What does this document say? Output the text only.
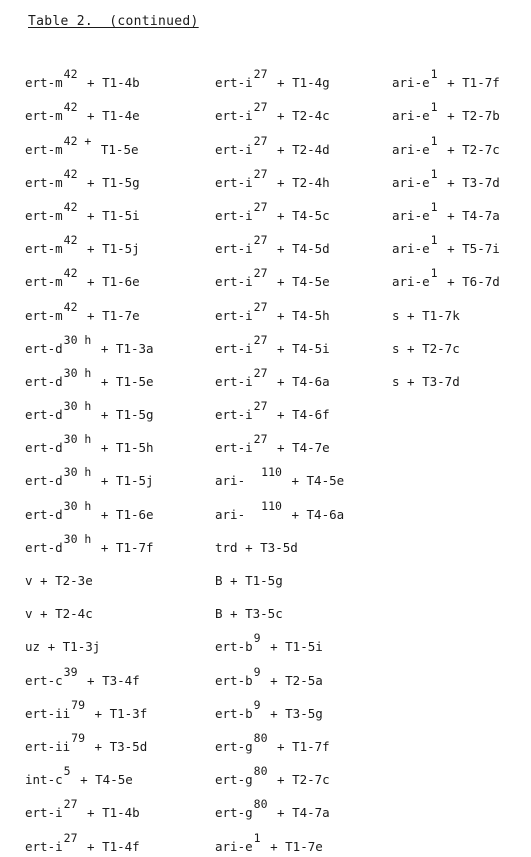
Table 2.  (continued)
ert-m
42
+ T1-4b
ert-m
42
+ T1-4e
ert-m
42 +
T1-5e
ert-m
42
+ T1-5g
ert-m
42
+ T1-5i
ert-m
42
+ T1-5j
ert-m
42
+ T1-6e
ert-m
42
+ T1-7e
ert-d
30 h
+ T1-3a
ert-d
30 h
+ T1-5e
ert-d
30 h
+ T1-5g
ert-d
30 h
+ T1-5h
ert-d
30 h
+ T1-5j
ert-d
30 h
+ T1-6e
ert-d
30 h
+ T1-7f
v + T2-3e
v + T2-4c
uz + T1-3j
ert-c
39
+ T3-4f
ert-ii
79
+ T1-3f
ert-ii
79
+ T3-5d
int-c
5
+ T4-5e
ert-i
27
+ T1-4b
ert-i
27
+ T1-4f
ert-i
27
+ T1-4g
ert-i
27
+ T2-4c
ert-i
27
+ T2-4d
ert-i
27
+ T2-4h
ert-i
27
+ T4-5c
ert-i
27
+ T4-5d
ert-i
27
+ T4-5e
ert-i
27
+ T4-5h
ert-i
27
+ T4-5i
ert-i
27
+ T4-6a
ert-i
27
+ T4-6f
ert-i
27
+ T4-7e
ari-
110
+ T4-5e
ari-
110
+ T4-6a
trd + T3-5d
B + T1-5g
B + T3-5c
ert-b
9
+ T1-5i
ert-b
9
+ T2-5a
ert-b
9
+ T3-5g
ert-g
80
+ T1-7f
ert-g
80
+ T2-7c
ert-g
80
+ T4-7a
ari-e
1
+ T1-7e
ari-e
1
+ T1-7f
ari-e
1
+ T2-7b
ari-e
1
+ T2-7c
ari-e
1
+ T3-7d
ari-e
1
+ T4-7a
ari-e
1
+ T5-7i
ari-e
1
+ T6-7d
s + T1-7k
s + T2-7c
s + T3-7d
